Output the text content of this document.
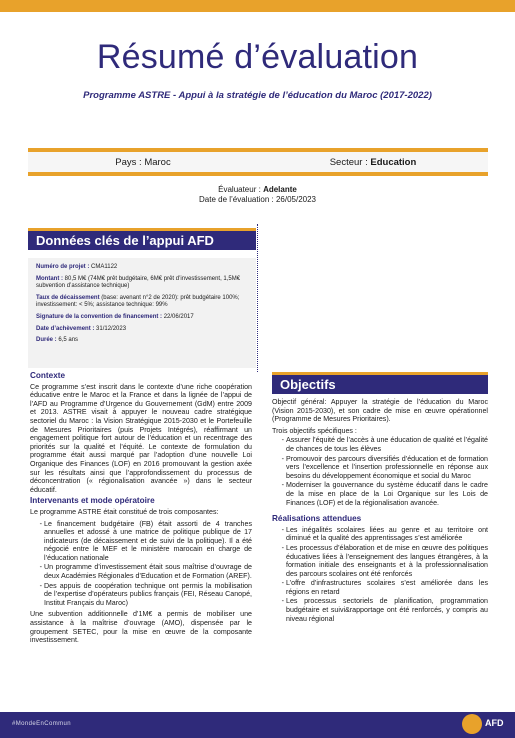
Résumé d’évaluation
Programme ASTRE - Appui à la stratégie de l’éducation du Maroc (2017-2022)
Pays :
Maroc	Secteur :
Education
Évaluateur : Adelante
Date de l’évaluation : 26/05/2023
Données clés de l’appui AFD

Numéro de projet : CMA1122

Montant : 80,5 M€ (74M€ prêt budgétaire, 6M€ prêt d’investissement, 1,5M€ subvention d’assistance technique)

Taux de décaissement (base: avenant n°2 de 2020): prêt budgétaire 100%; investissement: < 5%; assistance technique: 99%

Signature de la convention de financement : 22/06/2017

Date d’achèvement : 31/12/2023

Durée : 6,5 ans

Contexte

Ce programme s’est inscrit dans le contexte d’une riche coopération éducative entre le Maroc et la France et dans la lignée de l’appui de l’AFD au Programme d’Urgence du Gouvernement (GdM) entre 2009 et 2013. ASTRE visait à appuyer le nouveau cadre stratégique sectoriel du Maroc : la Vision Stratégique 2015-2030 et le Portefeuille de Mesures Prioritaires (puis Projets Intégrés), réaffirmant un engagement politique fort autour de l’éducation et un recentrage des priorités sur la qualité et l’équité. Le contexte de formulation du programme était aussi marqué par l’adoption d’une nouvelle Loi Organique des Finances (LOF) en 2016 promouvant la gestion axée sur les résultats ainsi que l’approfondissement du processus de déconcentration (« régionalisation avancée ») dans le secteur éducatif.

Intervenants et mode opératoire

Le programme ASTRE était constitué de trois composantes:

• Le financement budgétaire (FB) était assorti de 4 tranches annuelles et adossé à une matrice de politique publique de 17 indicateurs (de décaissement et de suivi de la politique). Il a été négocié entre le MEF et le ministère marocain en charge de l’éducation nationale
• Un programme d’investissement était sous maîtrise d’ouvrage de deux Académies Régionales d’Education et de Formation (AREF).
• Des appuis de coopération technique ont permis la mobilisation de l’expertise d’opérateurs publics français (FEI, Réseau Canopé, Institut Français du Maroc)

Une subvention additionnelle d’1M€ a permis de mobiliser une assistance à la maîtrise d’ouvrage (AMO), dispensée par le groupement SETEC, pour la mise en œuvre de la composante investissement.

Objectifs

Objectif général: Appuyer la stratégie de l’éducation du Maroc (Vision 2015-2030), et son cadre de mise en œuvre opérationnel (Programme de Mesures Prioritaires).

Trois objectifs spécifiques :

• Assurer l’équité de l’accès à une éducation de qualité et l’égalité de chances de tous les élèves
• Promouvoir des parcours diversifiés d’éducation et de formation vers l’excellence et l’insertion professionnelle en réponse aux besoins du développement économique et social du Maroc
• Moderniser la gouvernance du système éducatif dans le cadre de la mise en place de la Loi Organique sur les Lois de Finances (LOF) et de la régionalisation avancée.
Réalisations attendues
• Les inégalités scolaires liées au genre et au territoire ont diminué et la qualité des apprentissages s’est améliorée
• Les processus d’élaboration et de mise en œuvre des politiques éducatives liées à l’enseignement des langues étrangères, à la formation initiale des enseignants et à la professionnalisation des parcours scolaires ont été renforcés
• L’offre d’infrastructures scolaires s’est améliorée dans les régions en retard
• Les processus sectoriels de planification, programmation budgétaire et suivi&rapportage ont été renforcés, y compris au niveau régional
#MondeEnCommun	AFD
